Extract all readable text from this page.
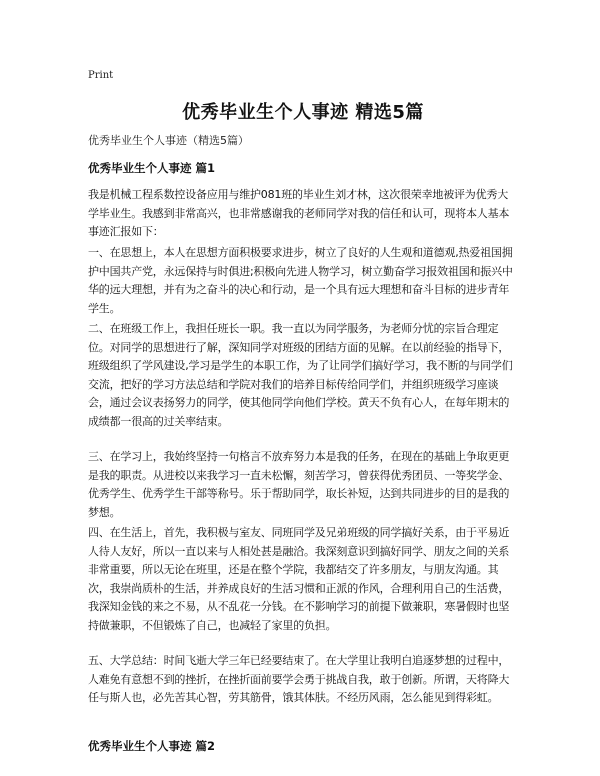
Print
优秀毕业生个人事迹 精选5篇
优秀毕业生个人事迹（精选5篇）
优秀毕业生个人事迹 篇1

我是机械工程系数控设备应用与维护081班的毕业生刘才林，这次很荣幸地被评为优秀大学毕业生。我感到非常高兴，也非常感谢我的老师同学对我的信任和认可，现将本人基本事迹汇报如下：

一、在思想上，本人在思想方面积极要求进步，树立了良好的人生观和道德观,热爱祖国拥护中国共产党，永远保持与时俱进;积极向先进人物学习，树立勤奋学习报效祖国和振兴中华的远大理想，并有为之奋斗的决心和行动，是一个具有远大理想和奋斗目标的进步青年学生。

二、在班级工作上，我担任班长一职。我一直以为同学服务，为老师分忧的宗旨合理定位。对同学的思想进行了解，深知同学对班级的团结方面的见解。在以前经验的指导下，班级组织了学风建设,学习是学生的本职工作，为了让同学们搞好学习，我不断的与同学们交流，把好的学习方法总结和学院对我们的培养目标传给同学们，并组织班级学习座谈会，通过会议表扬努力的同学，使其他同学向他们学校。黄天不负有心人，在每年期末的成绩都一很高的过关率结束。

三、在学习上，我始终坚持一句格言不放弃努力本是我的任务，在现在的基础上争取更更是我的职责。从进校以来我学习一直未松懈，刻苦学习，曾获得优秀团员、一等奖学金、优秀学生、优秀学生干部等称号。乐于帮助同学，取长补短，达到共同进步的目的是我的梦想。

四、在生活上，首先，我积极与室友、同班同学及兄弟班级的同学搞好关系，由于平易近人待人友好，所以一直以来与人相处甚是融洽。我深刻意识到搞好同学、朋友之间的关系非常重要，所以无论在班里，还是在整个学院，我都结交了许多朋友，与朋友沟通。其次，我崇尚质朴的生活，并养成良好的生活习惯和正派的作风，合理利用自己的生活费，我深知金钱的来之不易，从不乱花一分钱。在不影响学习的前提下做兼职，寒暑假时也坚持做兼职，不但锻炼了自己，也减轻了家里的负担。

五、大学总结：时间飞逝大学三年已经要结束了。在大学里让我明白追逐梦想的过程中，人难免有意想不到的挫折，在挫折面前要学会勇于挑战自我，敢于创新。所谓，天将降大任与斯人也，必先苦其心智，劳其筋骨，饿其体肤。不经历风雨，怎么能见到得彩虹。

优秀毕业生个人事迹 篇2
